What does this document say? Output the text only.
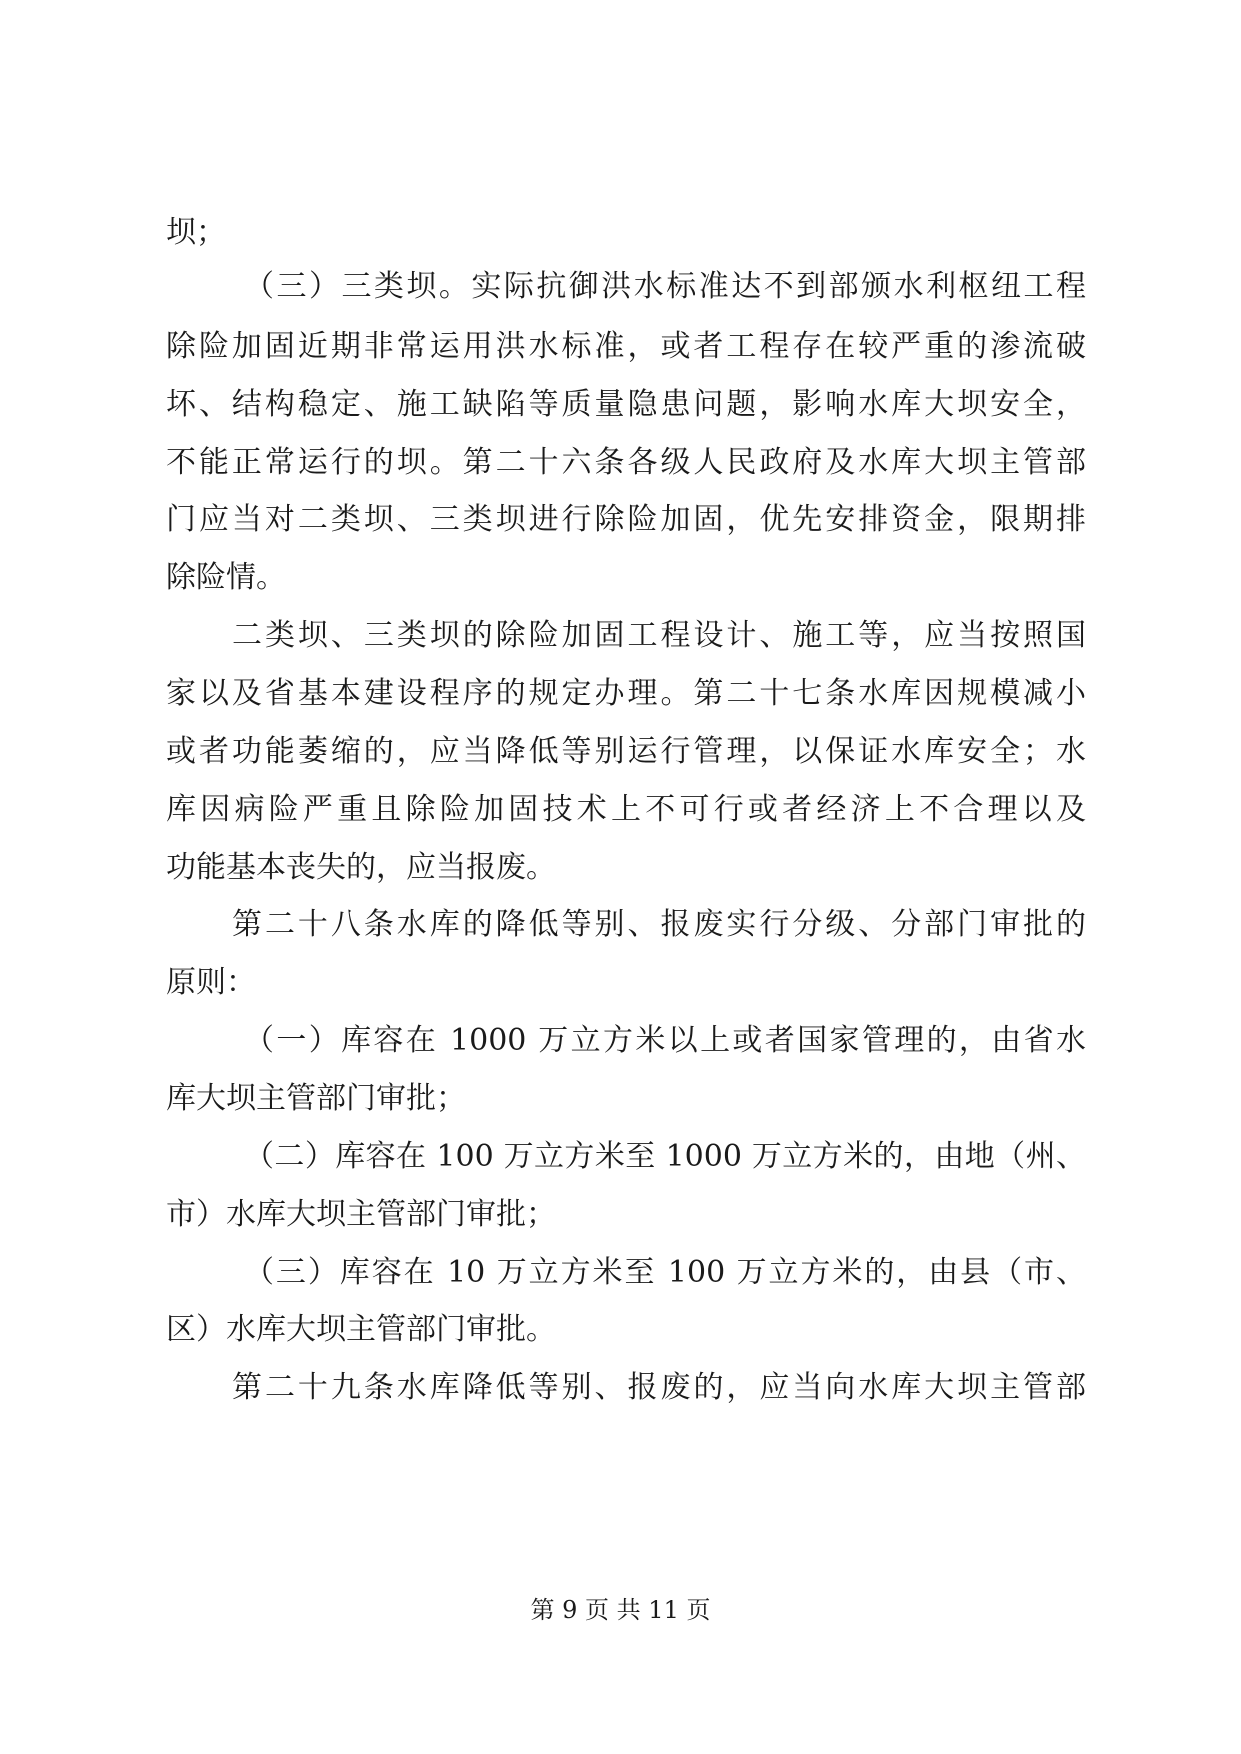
坝；
（三）三类坝。实际抗御洪水标准达不到部颁水利枢纽工程
除险加固近期非常运用洪水标准，或者工程存在较严重的渗流破
坏、结构稳定、施工缺陷等质量隐患问题，影响水库大坝安全，
不能正常运行的坝。第二十六条各级人民政府及水库大坝主管部
门应当对二类坝、三类坝进行除险加固，优先安排资金，限期排
除险情。
二类坝、三类坝的除险加固工程设计、施工等，应当按照国
家以及省基本建设程序的规定办理。第二十七条水库因规模减小
或者功能萎缩的，应当降低等别运行管理，以保证水库安全；水
库因病险严重且除险加固技术上不可行或者经济上不合理以及
功能基本丧失的，应当报废。
第二十八条水库的降低等别、报废实行分级、分部门审批的
原则：
（一）库容在 1000 万立方米以上或者国家管理的，由省水
库大坝主管部门审批；
（二）库容在 100 万立方米至 1000 万立方米的，由地（州、
市）水库大坝主管部门审批；
（三）库容在 10 万立方米至 100 万立方米的，由县（市、
区）水库大坝主管部门审批。
第二十九条水库降低等别、报废的，应当向水库大坝主管部
第 9 页 共 11 页
